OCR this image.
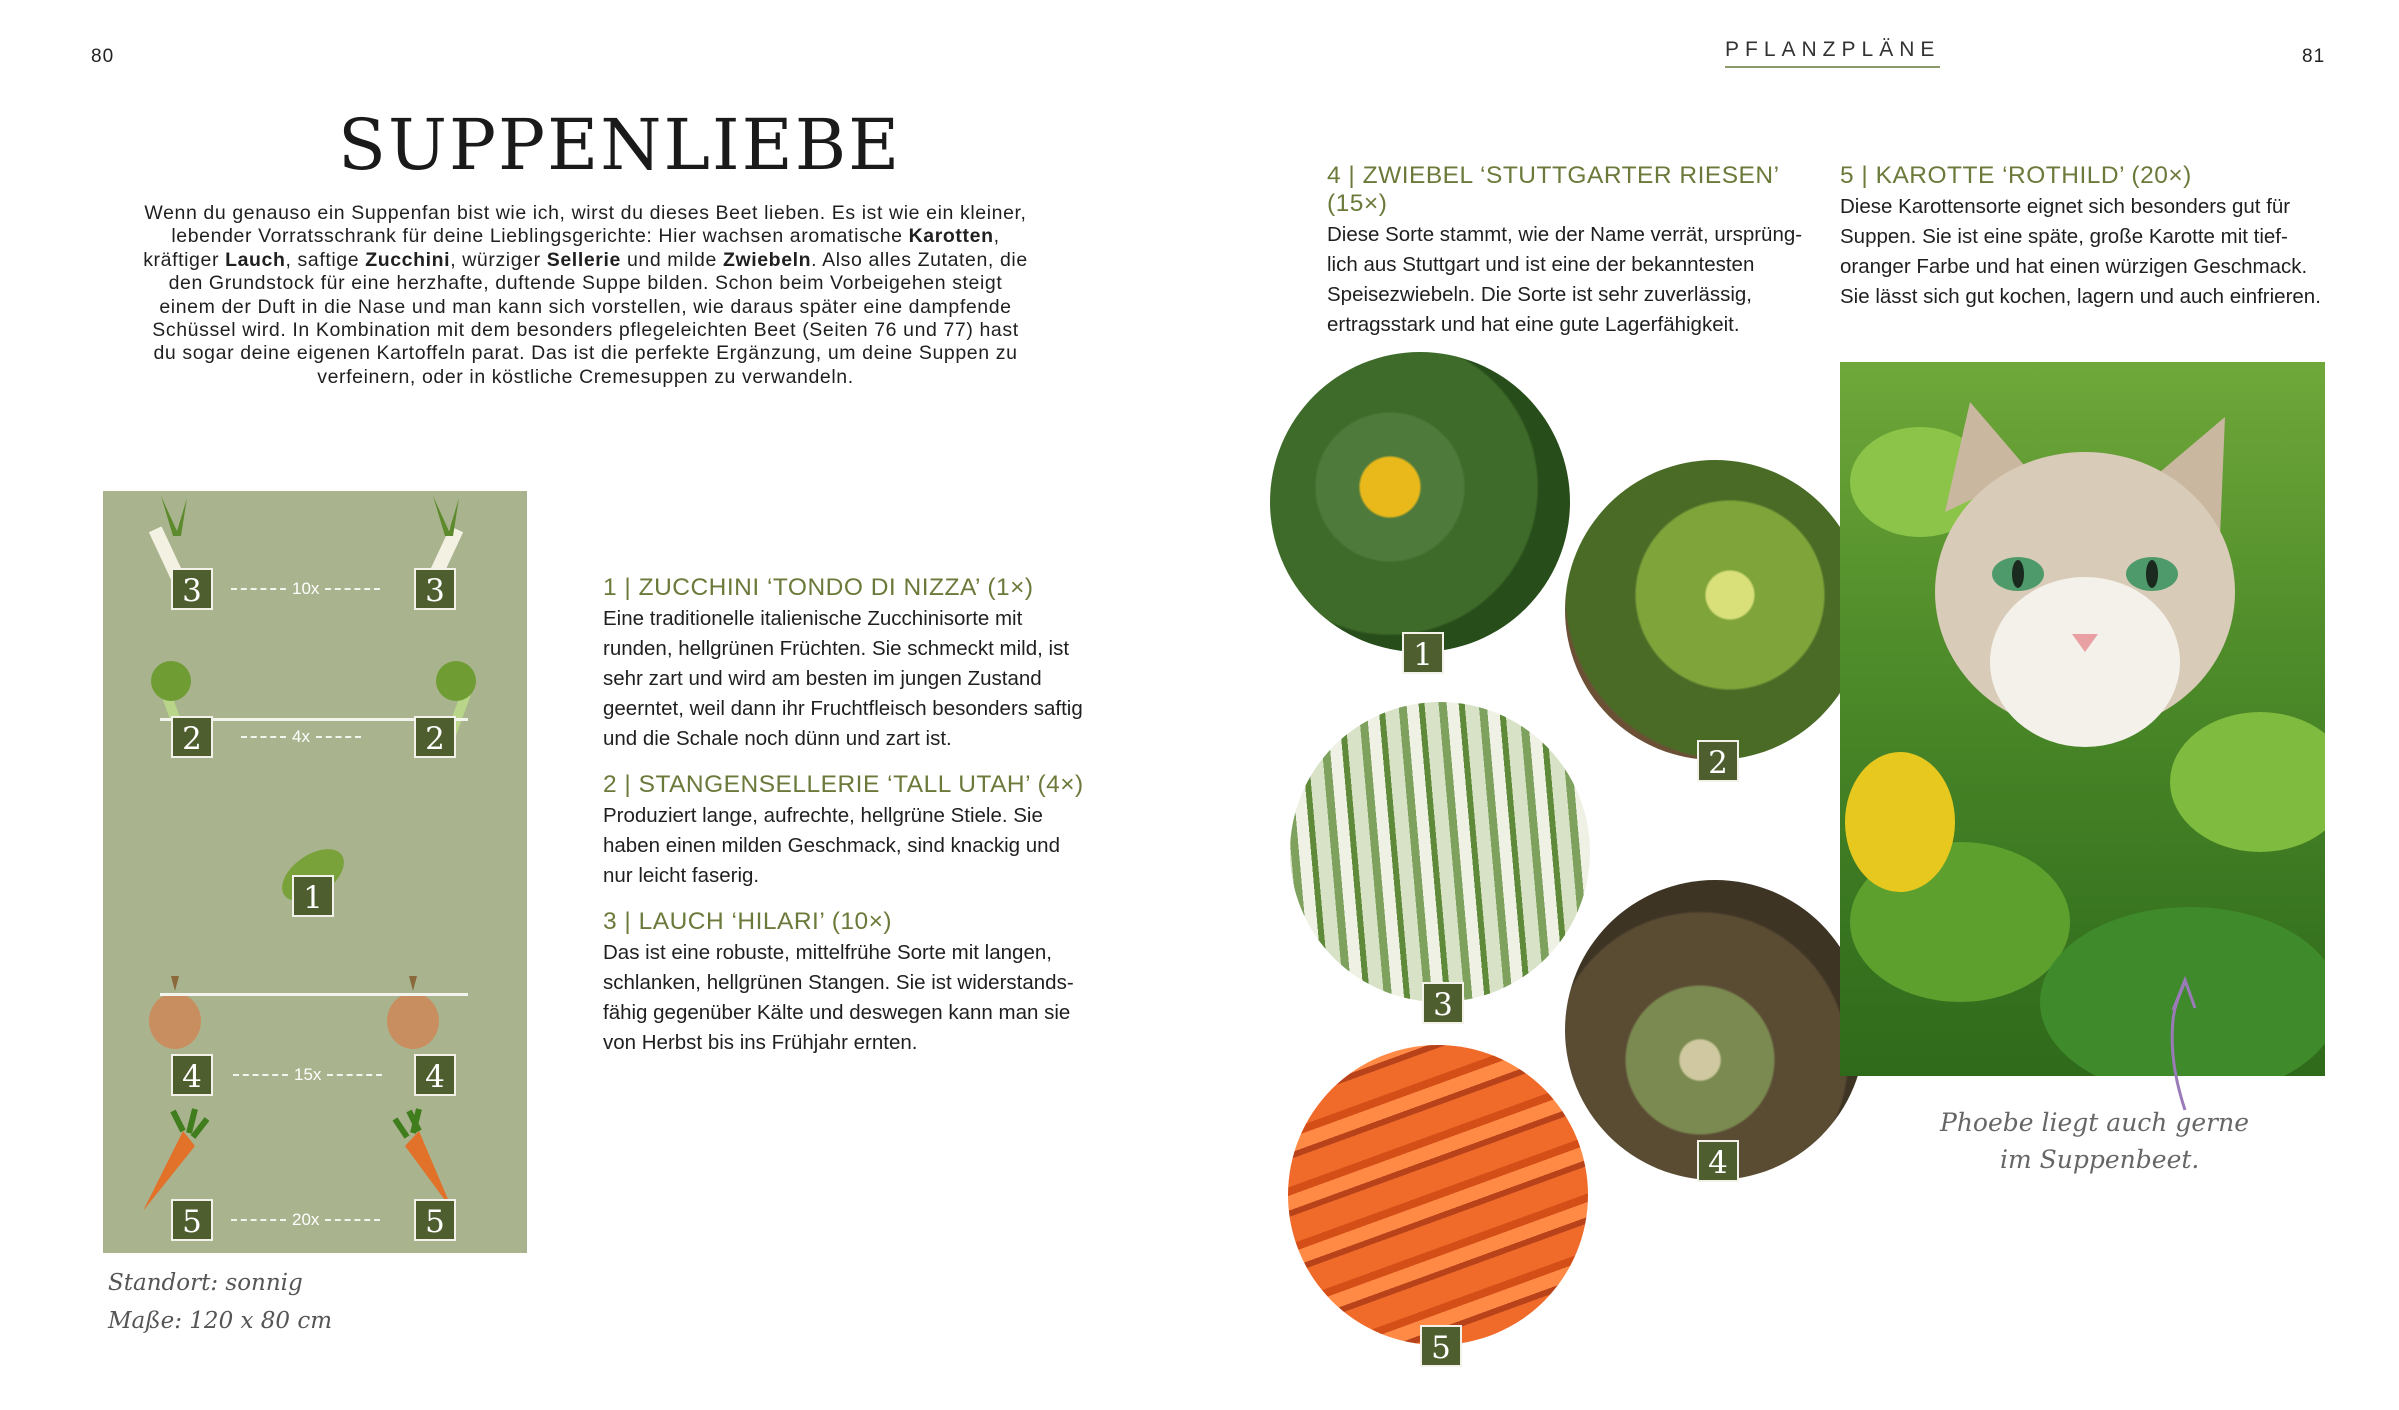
80
SUPPENLIEBE
Wenn du genauso ein Suppenfan bist wie ich, wirst du dieses Beet lieben. Es ist wie ein kleiner, lebender Vorratsschrank für deine Lieblingsgerichte: Hier wachsen aromatische Karotten, kräftiger Lauch, saftige Zucchini, würziger Sellerie und milde Zwiebeln. Also alles Zutaten, die den Grundstock für eine herzhafte, duftende Suppe bilden. Schon beim Vorbeigehen steigt einem der Duft in die Nase und man kann sich vorstellen, wie daraus später eine dampfende Schüssel wird. In Kombination mit dem besonders pflegeleichten Beet (Seiten 76 und 77) hast du sogar deine eigenen Kartoffeln parat. Das ist die perfekte Ergänzung, um deine Suppen zu verfeinern, oder in köstliche Cremesuppen zu verwandeln.
3	3
10x
2	2
4x
1
4	4
15x
5	5
20x
Standort: sonnig
Maße: 120 x 80 cm
1 | ZUCCHINI ‘TONDO DI NIZZA’ (1×)

Eine traditionelle italienische Zucchinisorte mit runden, hellgrünen Früchten. Sie schmeckt mild, ist sehr zart und wird am besten im jungen Zustand geerntet, weil dann ihr Fruchtfleisch besonders saftig und die Schale noch dünn und zart ist.

2 | STANGENSELLERIE ‘TALL UTAH’ (4×)

Produziert lange, aufrechte, hellgrüne Stiele. Sie haben einen milden Geschmack, sind knackig und nur leicht faserig.

3 | LAUCH ‘HILARI’ (10×)

Das ist eine robuste, mittelfrühe Sorte mit langen, schlanken, hellgrünen Stangen. Sie ist widerstands-fähig gegenüber Kälte und deswegen kann man sie von Herbst bis ins Frühjahr ernten.

PFLANZPLÄNE	81
4 | ZWIEBEL ‘STUTTGARTER RIESEN’ (15×)

Diese Sorte stammt, wie der Name verrät, ursprüng-lich aus Stuttgart und ist eine der bekanntesten Speisezwiebeln. Die Sorte ist sehr zuverlässig, ertragsstark und hat eine gute Lagerfähigkeit.

5 | KAROTTE ‘ROTHILD’ (20×)

Diese Karottensorte eignet sich besonders gut für Suppen. Sie ist eine späte, große Karotte mit tief-oranger Farbe und hat einen würzigen Geschmack. Sie lässt sich gut kochen, lagern und auch einfrieren.

1
2
3
4
5
Phoebe liegt auch gerne
im Suppenbeet.
